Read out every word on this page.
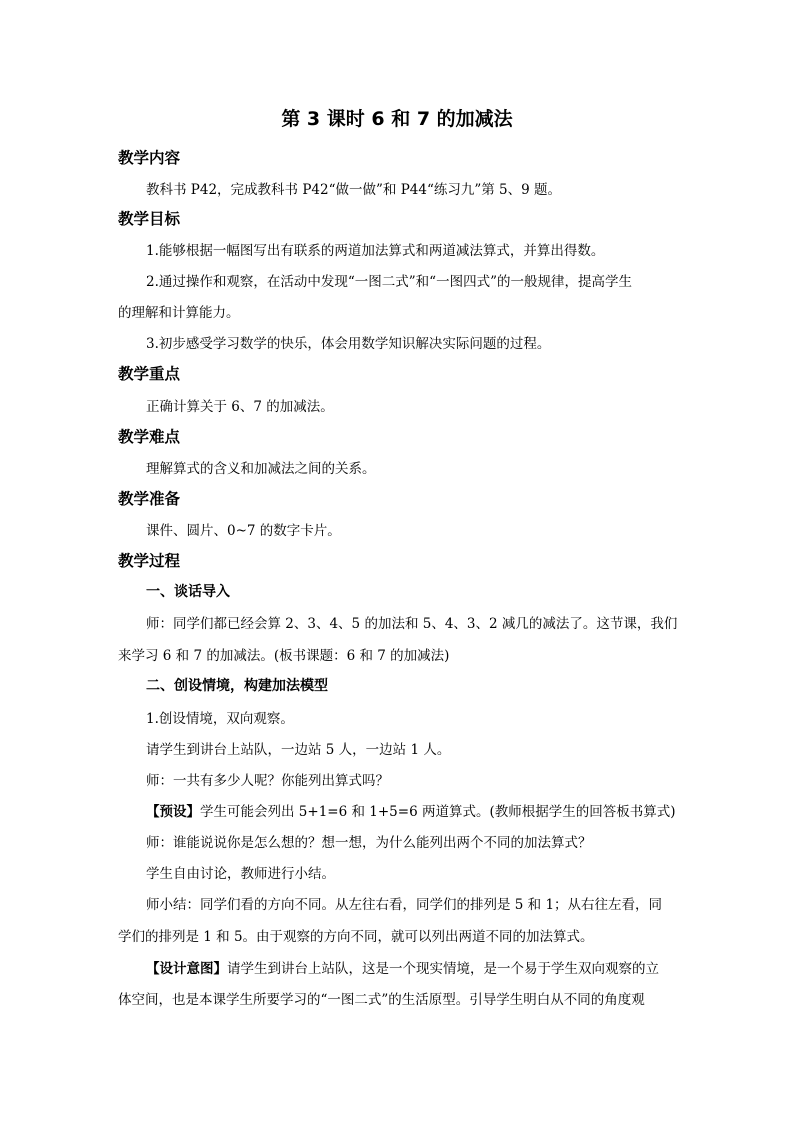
第 3 课时 6 和 7 的加减法
教学内容
教科书 P42，完成教科书 P42“做一做”和 P44“练习九”第 5、9 题。
教学目标
1.能够根据一幅图写出有联系的两道加法算式和两道减法算式，并算出得数。
2.通过操作和观察，在活动中发现“一图二式”和“一图四式”的一般规律，提高学生
的理解和计算能力。
3.初步感受学习数学的快乐，体会用数学知识解决实际问题的过程。
教学重点
正确计算关于 6、7 的加减法。
教学难点
理解算式的含义和加减法之间的关系。
教学准备
课件、圆片、0~7 的数字卡片。
教学过程
一、谈话导入
师：同学们都已经会算 2、3、4、5 的加法和 5、4、3、2 减几的减法了。这节课，我们
来学习 6 和 7 的加减法。(板书课题：6 和 7 的加减法)
二、创设情境，构建加法模型
1.创设情境，双向观察。
请学生到讲台上站队，一边站 5 人，一边站 1 人。
师：一共有多少人呢？你能列出算式吗？
【预设】学生可能会列出 5+1=6 和 1+5=6 两道算式。(教师根据学生的回答板书算式)
师：谁能说说你是怎么想的？想一想，为什么能列出两个不同的加法算式？
学生自由讨论，教师进行小结。
师小结：同学们看的方向不同。从左往右看，同学们的排列是 5 和 1；从右往左看，同
学们的排列是 1 和 5。由于观察的方向不同，就可以列出两道不同的加法算式。
【设计意图】请学生到讲台上站队，这是一个现实情境，是一个易于学生双向观察的立
体空间，也是本课学生所要学习的“一图二式”的生活原型。引导学生明白从不同的角度观
